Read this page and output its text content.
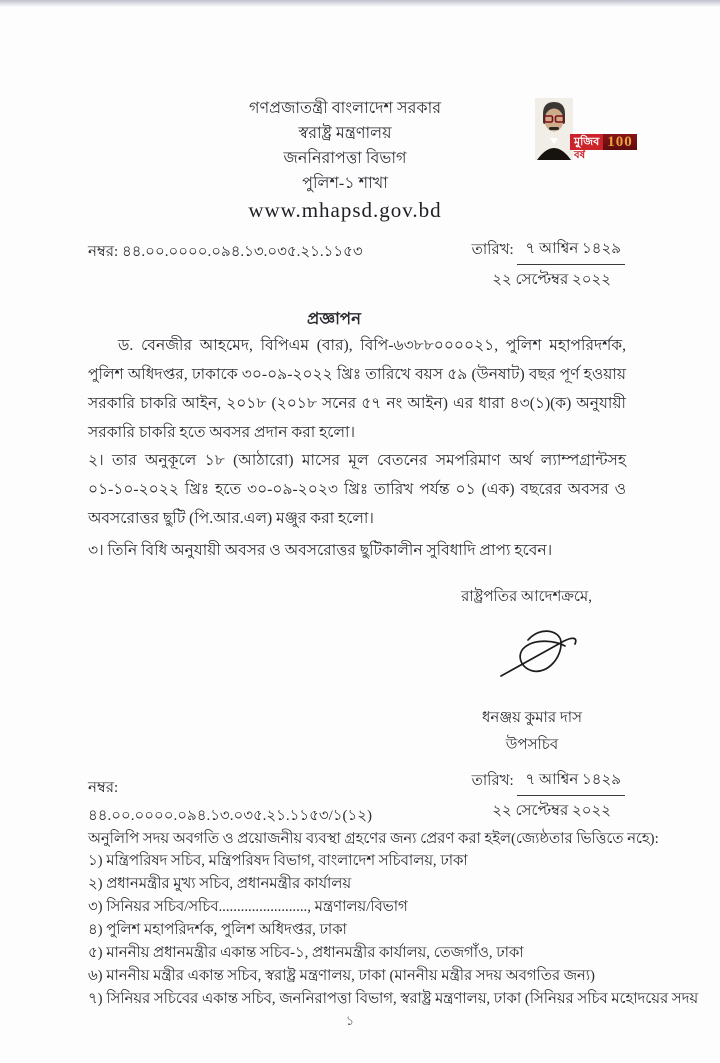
গণপ্রজাতন্ত্রী বাংলাদেশ সরকার
স্বরাষ্ট্র মন্ত্রণালয়
জননিরাপত্তা বিভাগ
পুলিশ-১ শাখা
www.mhapsd.gov.bd
মুজিব 100
বর্ষ
নম্বর: ৪৪.০০.০০০০.০৯৪.১৩.০৩৫.২১.১১৫৩	তারিখ: ৭ আশ্বিন ১৪২৯
২২ সেপ্টেম্বর ২০২২
প্রজ্ঞাপন
ড. বেনজীর আহমেদ, বিপিএম (বার), বিপি-৬৩৮৮০০০০২১, পুলিশ মহাপরিদর্শক, পুলিশ অধিদপ্তর, ঢাকাকে ৩০-০৯-২০২২ খ্রিঃ তারিখে বয়স ৫৯ (উনষাট) বছর পূর্ণ হওয়ায় সরকারি চাকরি আইন, ২০১৮ (২০১৮ সনের ৫৭ নং আইন) এর ধারা ৪৩(১)(ক) অনুযায়ী সরকারি চাকরি হতে অবসর প্রদান করা হলো।
২। তার অনুকূলে ১৮ (আঠারো) মাসের মূল বেতনের সমপরিমাণ অর্থ ল্যাম্পগ্রান্টসহ ০১-১০-২০২২ খ্রিঃ হতে ৩০-০৯-২০২৩ খ্রিঃ তারিখ পর্যন্ত ০১ (এক) বছরের অবসর ও অবসরোত্তর ছুটি (পি.আর.এল) মঞ্জুর করা হলো।
৩। তিনি বিধি অনুযায়ী অবসর ও অবসরোত্তর ছুটিকালীন সুবিধাদি প্রাপ্য হবেন।
রাষ্ট্রপতির আদেশক্রমে,
ধনঞ্জয় কুমার দাস
উপসচিব
নম্বর:
৪৪.০০.০০০০.০৯৪.১৩.০৩৫.২১.১১৫৩/১(১২)
তারিখ: ৭ আশ্বিন ১৪২৯
২২ সেপ্টেম্বর ২০২২
অনুলিপি সদয় অবগতি ও প্রয়োজনীয় ব্যবস্থা গ্রহণের জন্য প্রেরণ করা হইল(জ্যেষ্ঠতার ভিত্তিতে নহে):
১) মন্ত্রিপরিষদ সচিব, মন্ত্রিপরিষদ বিভাগ, বাংলাদেশ সচিবালয়, ঢাকা
২) প্রধানমন্ত্রীর মুখ্য সচিব, প্রধানমন্ত্রীর কার্যালয়
৩) সিনিয়র সচিব/সচিব........................, মন্ত্রণালয়/বিভাগ
৪) পুলিশ মহাপরিদর্শক, পুলিশ অধিদপ্তর, ঢাকা
৫) মাননীয় প্রধানমন্ত্রীর একান্ত সচিব-১, প্রধানমন্ত্রীর কার্যালয়, তেজগাঁও, ঢাকা
৬) মাননীয় মন্ত্রীর একান্ত সচিব, স্বরাষ্ট্র মন্ত্রণালয়, ঢাকা (মাননীয় মন্ত্রীর সদয় অবগতির জন্য)
৭) সিনিয়র সচিবের একান্ত সচিব, জননিরাপত্তা বিভাগ, স্বরাষ্ট্র মন্ত্রণালয়, ঢাকা (সিনিয়র সচিব মহোদয়ের সদয়
১
